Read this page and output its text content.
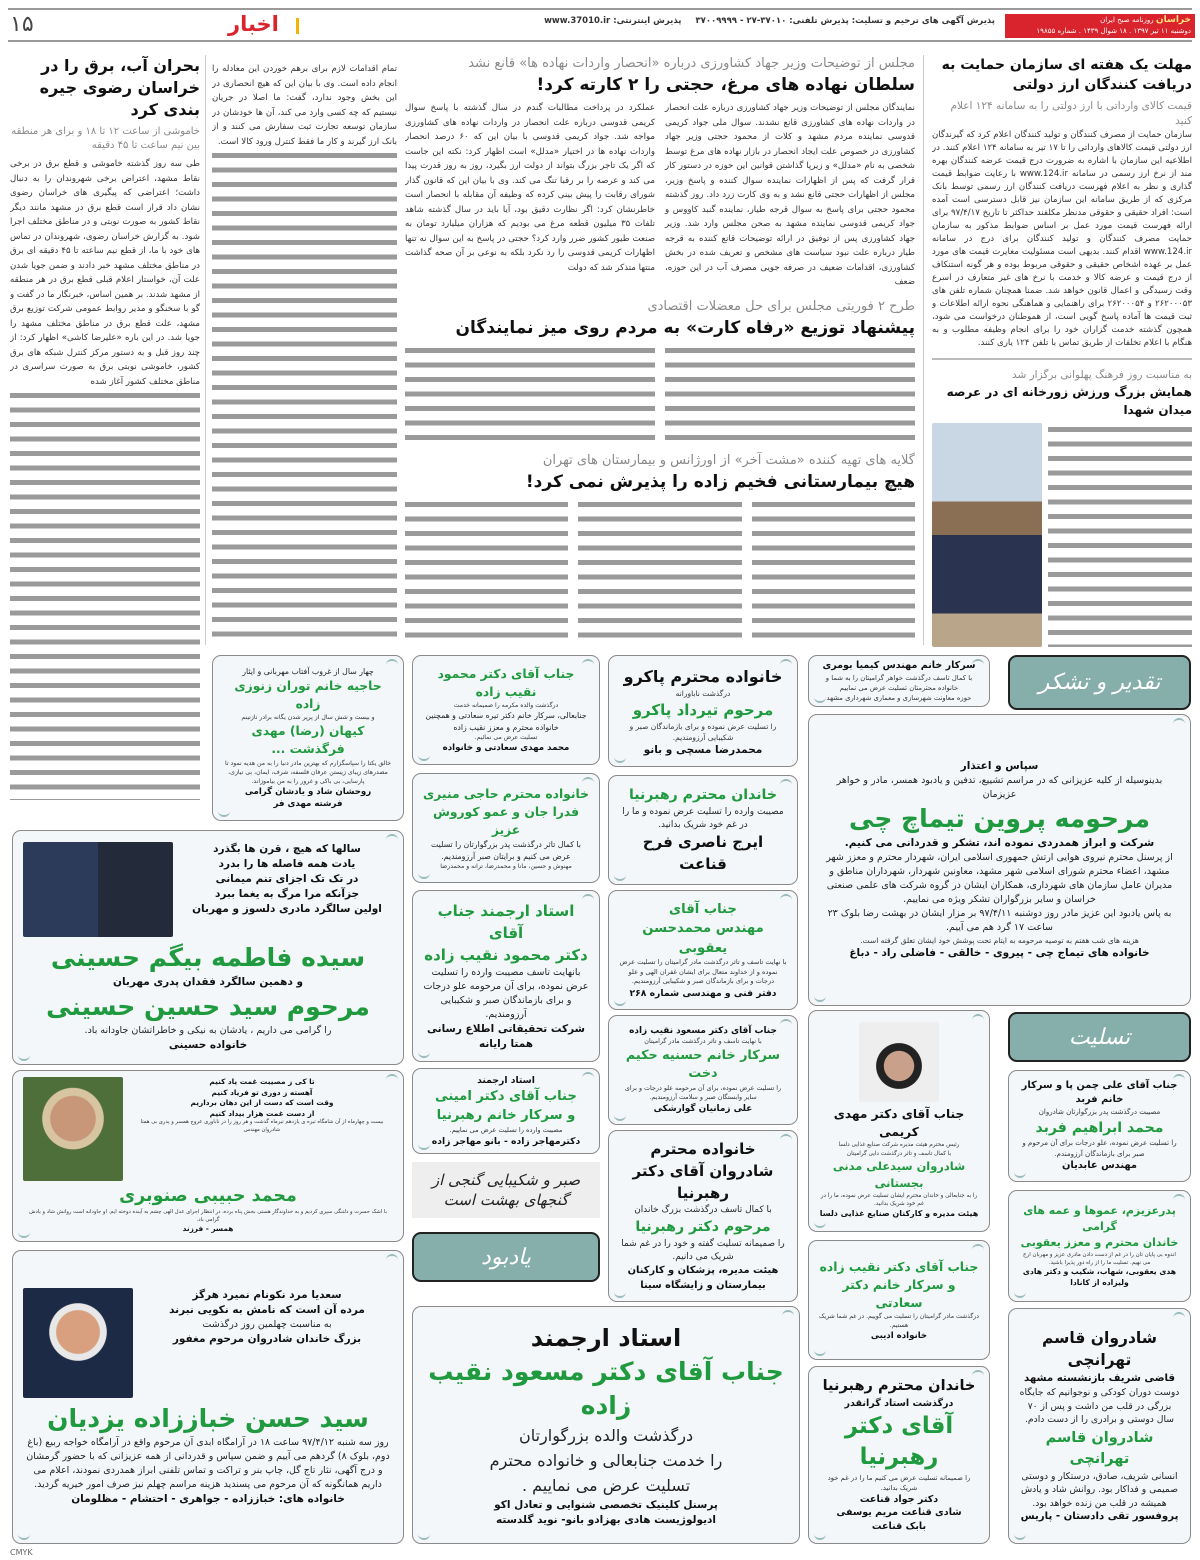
خراسان روزنامه صبح ایران
دوشنبه ۱۱ تیر ۱۳۹۷ . ۱۸ شوال ۱۴۳۹ . شماره ۱۹۸۵۵
پذیرش آگهی های ترحیم و تسلیت: پذیرش تلفنی: ۳۷۰۱۰-۲۷ - ۳۷۰۰۹۹۹۹
پذیرش اینترنتی: www.37010.ir
اخبار
۱۵
مهلت یک هفته ای سازمان حمایت به دریافت کنندگان ارز دولتی
قیمت کالای وارداتی با ارز دولتی را به سامانه ۱۲۴ اعلام کنید
سازمان حمایت از مصرف کنندگان و تولید کنندگان اعلام کرد که گیرندگان ارز دولتی قیمت کالاهای وارداتی را تا ۱۷ تیر به سامانه ۱۲۴ اعلام کنند. در اطلاعیه این سازمان با اشاره به ضرورت درج قیمت عرضه کنندگان بهره مند از نرخ ارز رسمی در سامانه www.124.ir با رعایت ضوابط قیمت گذاری و نظر به اعلام فهرست دریافت کنندگان ارز رسمی توسط بانک مرکزی که از طریق سامانه این سازمان نیز قابل دسترسی است آمده است: افراد حقیقی و حقوقی مدنظر مکلفند حداکثر تا تاریخ ۹۷/۴/۱۷ برای ارائه فهرست قیمت مورد عمل بر اساس ضوابط مذکور به سازمان حمایت مصرف کنندگان و تولید کنندگان برای درج در سامانه www.124.ir اقدام کنند. بدیهی است مسئولیت مغایرت قیمت های مورد عمل بر عهده اشخاص حقیقی و حقوقی مربوط بوده و هر گونه استنکاف از درج قیمت و عرضه کالا و خدمت با نرخ های غیر متعارف در اسرع وقت رسیدگی و اعمال قانون خواهد شد. ضمنا همچنان شماره تلفن های ۲۶۲۰۰۰۵۳ و ۲۶۲۰۰۰۵۴ برای راهنمایی و هماهنگی نحوه ارائه اطلاعات و ثبت قیمت ها آماده پاسخ گویی است، از هموطنان درخواست می شود، همچون گذشته خدمت گزاران خود را برای انجام وظیفه مطلوب و به هنگام با اعلام تخلفات از طریق تماس با تلفن ۱۲۴ یاری کنند.
به مناسبت روز فرهنگ پهلوانی برگزار شد
همایش بزرگ ورزش زورخانه ای در عرصه میدان شهدا
مجلس از توضیحات وزیر جهاد کشاورزی درباره «انحصار واردات نهاده ها» قانع نشد
سلطان نهاده های مرغ، حجتی را ۲ کارته کرد!
نمایندگان مجلس از توضیحات وزیر جهاد کشاورزی درباره علت انحصار در واردات نهاده های کشاورزی قانع نشدند. سوال ملی جواد کریمی قدوسی نماینده مردم مشهد و کلات از محمود حجتی وزیر جهاد کشاورزی در خصوص علت ایجاد انحصار در بازار نهاده های مرغ توسط شخصی به نام «مدلل» و زیرپا گذاشتن قوانین این حوزه در دستور کار قرار گرفت که پس از اظهارات نماینده سوال کننده و پاسخ وزیر، مجلس از اظهارات حجتی قانع نشد و به وی کارت زرد داد. روز گذشته محمود حجتی برای پاسخ به سوال قرجه طیار، نماینده گنبد کاووس و جواد کریمی قدوسی نماینده مشهد به صحن مجلس وارد شد. وزیر جهاد کشاورزی پس از توفیق در ارائه توضیحات قانع کننده به قرجه طیار درباره علت نبود سیاست های مشخص و تعریف شده در بخش کشاورزی، اقدامات ضعیف در صرفه جویی مصرف آب در این حوزه، ضعف
عملکرد در پرداخت مطالبات گندم در سال گذشته با پاسخ سوال کریمی قدوسی درباره علت انحصار در واردات نهاده های کشاورزی مواجه شد. جواد کریمی قدوسی با بیان این که ۶۰ درصد انحصار واردات نهاده ها در اختیار «مدلل» است اظهار کرد: نکته این جاست که اگر یک تاجر بزرگ بتواند از دولت ارز بگیرد، روز به روز قدرت پیدا می کند و عرصه را بر رقبا تنگ می کند. وی با بیان این که قانون گذار شورای رقابت را پیش بینی کرده که وظیفه آن مقابله با انحصار است خاطرنشان کرد: اگر نظارت دقیق بود، آیا باید در سال گذشته شاهد تلفات ۳۵ میلیون قطعه مرغ می بودیم که هزاران میلیارد تومان به صنعت طیور کشور ضرر وارد کرد؟ حجتی در پاسخ به این سوال نه تنها اظهارات کریمی قدوسی را رد نکرد بلکه به نوعی بر آن صحه گذاشت منتها متذکر شد که دولت
طرح ۲ فوریتی مجلس برای حل معضلات اقتصادی
پیشنهاد توزیع «رفاه کارت» به مردم روی میز نمایندگان
گلایه های تهیه کننده «مشت آخر» از اورژانس و بیمارستان های تهران
هیچ بیمارستانی فخیم زاده را پذیرش نمی کرد!
تمام اقدامات لازم برای برهم خوردن این معادله را انجام داده است. وی با بیان این که هیچ انحصاری در این بخش وجود ندارد، گفت: ما اصلا در جریان نیستیم که چه کسی وارد می کند، آن ها خودشان در سازمان توسعه تجارت ثبت سفارش می کنند و از بانک ارز گیرند و کار ما فقط کنترل ورود کالا است.
بحران آب، برق را در خراسان رضوی جیره بندی کرد
خاموشی از ساعت ۱۲ تا ۱۸ و برای هر منطقه بین نیم ساعت تا ۴۵ دقیقه
طی سه روز گذشته خاموشی و قطع برق در برخی نقاط مشهد، اعتراض برخی شهروندان را به دنبال داشت؛ اعتراضی که پیگیری های خراسان رضوی نشان داد قرار است قطع برق در مشهد مانند دیگر نقاط کشور به صورت نوبتی و در مناطق مختلف اجرا شود. به گزارش خراسان رضوی، شهروندان در تماس های خود با ما، از قطع نیم ساعته تا ۴۵ دقیقه ای برق در مناطق مختلف مشهد خبر دادند و ضمن جویا شدن علت آن، خواستار اعلام قبلی قطع برق در هر منطقه از مشهد شدند. بر همین اساس، خبرنگار ما در گفت و گو با سخنگو و مدیر روابط عمومی شرکت توزیع برق مشهد، علت قطع برق در مناطق مختلف مشهد را جویا شد. در این باره «علیرضا کاشی» اظهار کرد: از چند روز قبل و به دستور مرکز کنترل شبکه های برق کشور، خاموشی نوبتی برق به صورت سراسری در مناطق مختلف کشور آغاز شده
تقدیر و تشکر
تسلیت
یادبود
صبر و شکیبایی گنجی از گنجهای بهشت است
چهار سال از غروب آفتاب مهربانی و ایثار
حاجیه خانم توران زنوزی زاده
و بیست و شش سال از پرپر شدن یگانه برادر نازنینم
کیهان (رضا) مهدی فرگذشت ...
خالق یکتا را سپاسگزارم که بهترین مادر دنیا را به من هدیه نمود تا مصدرهای زیبای زیستن عرفان فلسفه، شرف، ایمان، بی نیازی، پارسایی، بی باکی و غرور را به من بیاموزاند.
روحشان شاد و یادشان گرامی
فرشته مهدی فر
جناب آقای دکتر محمود نقیب زاده
درگذشت والده مکرمه را صمیمانه خدمت
جنابعالی، سرکار خانم دکتر تیره سعادتی و همچنین خانواده محترم و معزز نقیب زاده
تسلیت عرض می نمائیم.
محمد مهدی سعادتی و خانواده
خانواده محترم پاکرو
درگذشت ناباورانه
مرحوم تیرداد پاکرو
را تسلیت عرض نموده و برای بازماندگان صبر و شکیبایی آرزومندیم.
محمدرضا مسچی و بانو
سرکار خانم مهندس کیمیا بومری
با کمال تاسف درگذشت خواهر گرامیتان را به شما و خانواده محترمتان تسلیت عرض می نماییم
حوزه معاونت شهرسازی و معماری شهرداری مشهد
سپاس و اعتذار
بدینوسیله از کلیه عزیزانی که در مراسم تشییع، تدفین و یادبود همسر، مادر و خواهر عزیزمان
مرحومه پروین تیماچ چی
شرکت و ابراز همدردی نموده اند، تشکر و قدردانی می کنیم.
از پرسنل محترم نیروی هوایی ارتش جمهوری اسلامی ایران، شهردار محترم و معزز شهر مشهد، اعضاء محترم شورای اسلامی شهر مشهد، معاونین شهردار، شهرداران مناطق و مدیران عامل سازمان های شهرداری، همکاران ایشان در گروه شرکت های علمی صنعتی خراسان و سایر بزرگواران تشکر ویژه می نماییم.
به پاس یادبود این عزیز مادر روز دوشنبه ۹۷/۴/۱۱ بر مزار ایشان در بهشت رضا بلوک ۲۳ ساعت ۱۷ گرد هم می آییم.
هزینه های شب هفتم به توصیه مرحومه به ایتام تحت پوشش خود ایشان تعلق گرفته است.
خانواده های تیماج چی - پیروی - خالقی - فاضلی راد - دباغ
خانواده محترم حاجی منیری
فدرا جان و عمو کوروش عزیز
با کمال تاثر درگذشت پدر بزرگوارتان را تسلیت عرض می کنیم و برایتان صبر آرزومندیم.
مهنوش و حسین، مانا و محمدرضا، ترانه و محمدرضا
خاندان محترم رهبرنیا
مصیبت وارده را تسلیت عرض نموده و ما را در غم خود شریک بدانید.
ایرج ناصری فرح قناعت
سالها که هیچ ، قرن ها بگذرد
یادت همه فاصله ها را بدرد
در تک تک اجزای تنم میمانی
جزآنکه مرا مرگ به یغما ببرد
اولین سالگرد مادری دلسوز و مهربان
سیده فاطمه بیگم حسینی
و دهمین سالگرد فقدان پدری مهربان
مرحوم سید حسین حسینی
را گرامی می داریم ، یادشان به نیکی و خاطراتشان جاودانه باد.
خانواده حسینی
استاد ارجمند جناب آقای
دکتر محمود نقیب زاده
بانهایت تاسف مصیبت وارده را تسلیت عرض نموده، برای آن مرحومه علو درجات و برای بازماندگان صبر و شکیبایی آرزومندیم.
شرکت تحقیقاتی اطلاع رسانی همتا رایانه
جناب آقای
مهندس محمدحسن یعقوبی
با نهایت تاسف و تاثر درگذشت مادر گرامیتان را تسلیت عرض نموده و از خداوند متعال برای ایشان غفران الهی و علو درجات و برای بازماندگان صبر و شکیبایی آرزومندیم.
دفتر فنی و مهندسی شماره ۲۶۸
جناب آقای دکتر مهدی کریمی
رئیس محترم هیئت مدیره شرکت صنایع غذایی دلسا
با کمال تاسف و تاثر درگذشت دایی گرامیتان
شادروان سیدعلی مدنی بجستانی
را به جنابعالی و خاندان محترم ایشان تسلیت عرض نموده، ما را در غم خود شریک بدانید.
هیئت مدیره و کارکنان صنایع غذایی دلسا
جناب آقای علی چمن پا و سرکار خانم فربد
مصیبت درگذشت پدر بزرگوارتان شادروان
محمد ابراهیم فربد
را تسلیت عرض نموده، علو درجات برای آن مرحوم و صبر برای بازماندگان آرزومندم.
مهندس عابدیان
جناب آقای دکتر مسعود نقیب زاده
با نهایت تاسف و تاثر درگذشت مادر گرامیتان
سرکار خانم حسنیه حکیم دخت
را تسلیت عرض نموده، برای آن مرحومه علو درجات و برای سایر وابستگان صبر و سلامت آرزومندیم.
علی زمانیان گوارشکی
تا کی ز مصیبت غمت یاد کنیم
آهسته ز دوری تو فریاد کنیم
وقت است که دست از این دهان برداریم
از دست غمت هزار بیداد کنیم
بیست و چهارماه از آن شامگاه تیره ی یازدهم تیرماه گذشت و هر روز را در ناباوری عروج همسر و پدری بی همتا شادروان مهندس
محمد حبیبی صنوبری
با اشک حسرت و دلتنگی سپری کردیم و به خداوندگار هستی بخش پناه برده، در انتظار اجرای عدل الهی چشم به آینده دوخته ایم. او جاودانه است روانش شاد و یادش گرامی باد.
همسر - فرزند
استاد ارجمند
جناب آقای دکتر امینی
و سرکار خانم رهبرنیا
مصیبت وارده را تسلیت عرض می نماییم.
دکترمهاجر زاده - بانو مهاجر زاده	خانواده محترم
شادروان آقای دکتر رهبرنیا
با کمال تاسف درگذشت بزرگ خاندان
مرحوم دکتر رهبرنیا
را صمیمانه تسلیت گفته و خود را در غم شما شریک می دانیم.
هیئت مدیره، پزشکان و کارکنان بیمارستان و زایشگاه سینا
پدرعزیزم، عموها و عمه های گرامی
خاندان محترم و معزز یعقوبی
اندوه بی پایان تان را در غم از دست دادن مادری عزیز و مهربان ارج می نهیم. تسلیت ما را از راه دور پذیرا باشید.
هدی یعقوبی، شهاب، شکیب و دکتر هادی ولیزاده از کانادا
جناب آقای دکتر نقیب زاده
و سرکار خانم دکتر سعادتی
درگذشت مادر گرامیتان را تسلیت می گوییم. در غم شما شریک هستیم.
خانواده ادیبی
سعدیا مرد نکونام نمیرد هرگز
مرده آن است که نامش به نکویی نبرند
به مناسبت چهلمین روز درگذشت
بزرگ خاندان شادروان مرحوم مغفور
سید حسن خباززاده یزدیان
روز سه شنبه ۹۷/۴/۱۲ ساعت ۱۸ در آرامگاه ابدی آن مرحوم واقع در آرامگاه خواجه ربیع (باغ دوم، بلوک ۸) گردهم می آییم و ضمن سپاس و قدردانی از همه عزیزانی که با حضور گرمشان و درج آگهی، نثار تاج گل، چاپ بنر و تراکت و تماس تلفنی ابراز همدردی نمودند، اعلام می داریم همانگونه که آن مرحوم می پسندید هزینه مراسم چهلم نیز صرف امور خیریه گردید.
خانواده های: خباززاده - جواهری - احتشام - مظلومان
استاد ارجمند
جناب آقای دکتر مسعود نقیب زاده
درگذشت والده بزرگوارتان
را خدمت جنابعالی و خانواده محترم
تسلیت عرض می نماییم .
پرسنل کلینیک تخصصی شنوایی و تعادل اکو
ادیولوژیست هادی بهزادو بانو- نوید گلدسته
خاندان محترم رهبرنیا
درگذشت استاد گرانقدر
آقای دکتر رهبرنیا
را صمیمانه تسلیت عرض می کنیم ما را در غم خود شریک بدانید.
دکتر جواد قناعت
شادی قناعت مریم یوسفی
بابک قناعت
شادروان قاسم تهرانچی
قاضی شریف بازنشسته مشهد
دوست دوران کودکی و نوجوانیم که جایگاه بزرگی در قلب من داشت و پس از ۷۰ سال دوستی و برادری را از دست دادم.
شادروان قاسم تهرانچی
انسانی شریف، صادق، درستکار و دوستی صمیمی و فداکار بود. روانش شاد و یادش همیشه در قلب من زنده خواهد بود.
پروفسور تقی دادستان - پاریس
CMYK
